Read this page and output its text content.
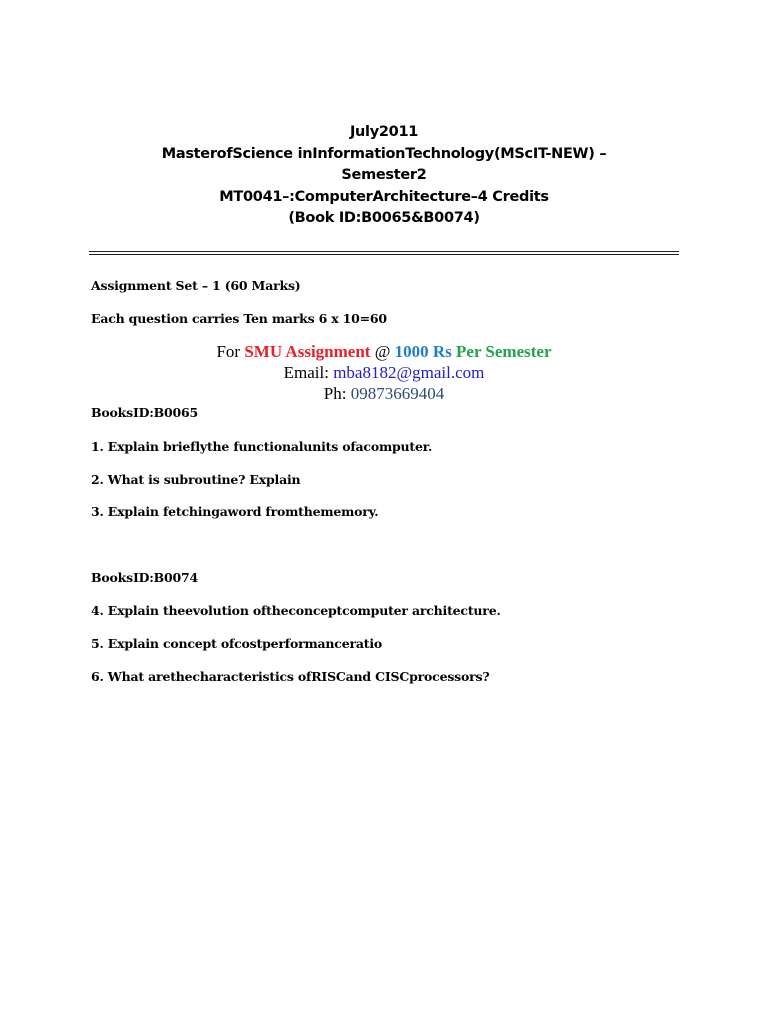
July2011
MasterofScience inInformationTechnology(MScIT-NEW) –
Semester2
MT0041–:ComputerArchitecture–4 Credits
(Book ID:B0065&B0074)
Assignment Set – 1 (60 Marks)
Each question carries Ten marks 6 x 10=60
For SMU Assignment @ 1000 Rs Per Semester
Email: mba8182@gmail.com
Ph: 09873669404
BooksID:B0065
1. Explain brieflythe functionalunits ofacomputer.
2. What is subroutine? Explain
3. Explain fetchingaword fromthememory.
BooksID:B0074
4. Explain theevolution oftheconceptcomputer architecture.
5. Explain concept ofcostperformanceratio
6. What arethecharacteristics ofRISCand CISCprocessors?
